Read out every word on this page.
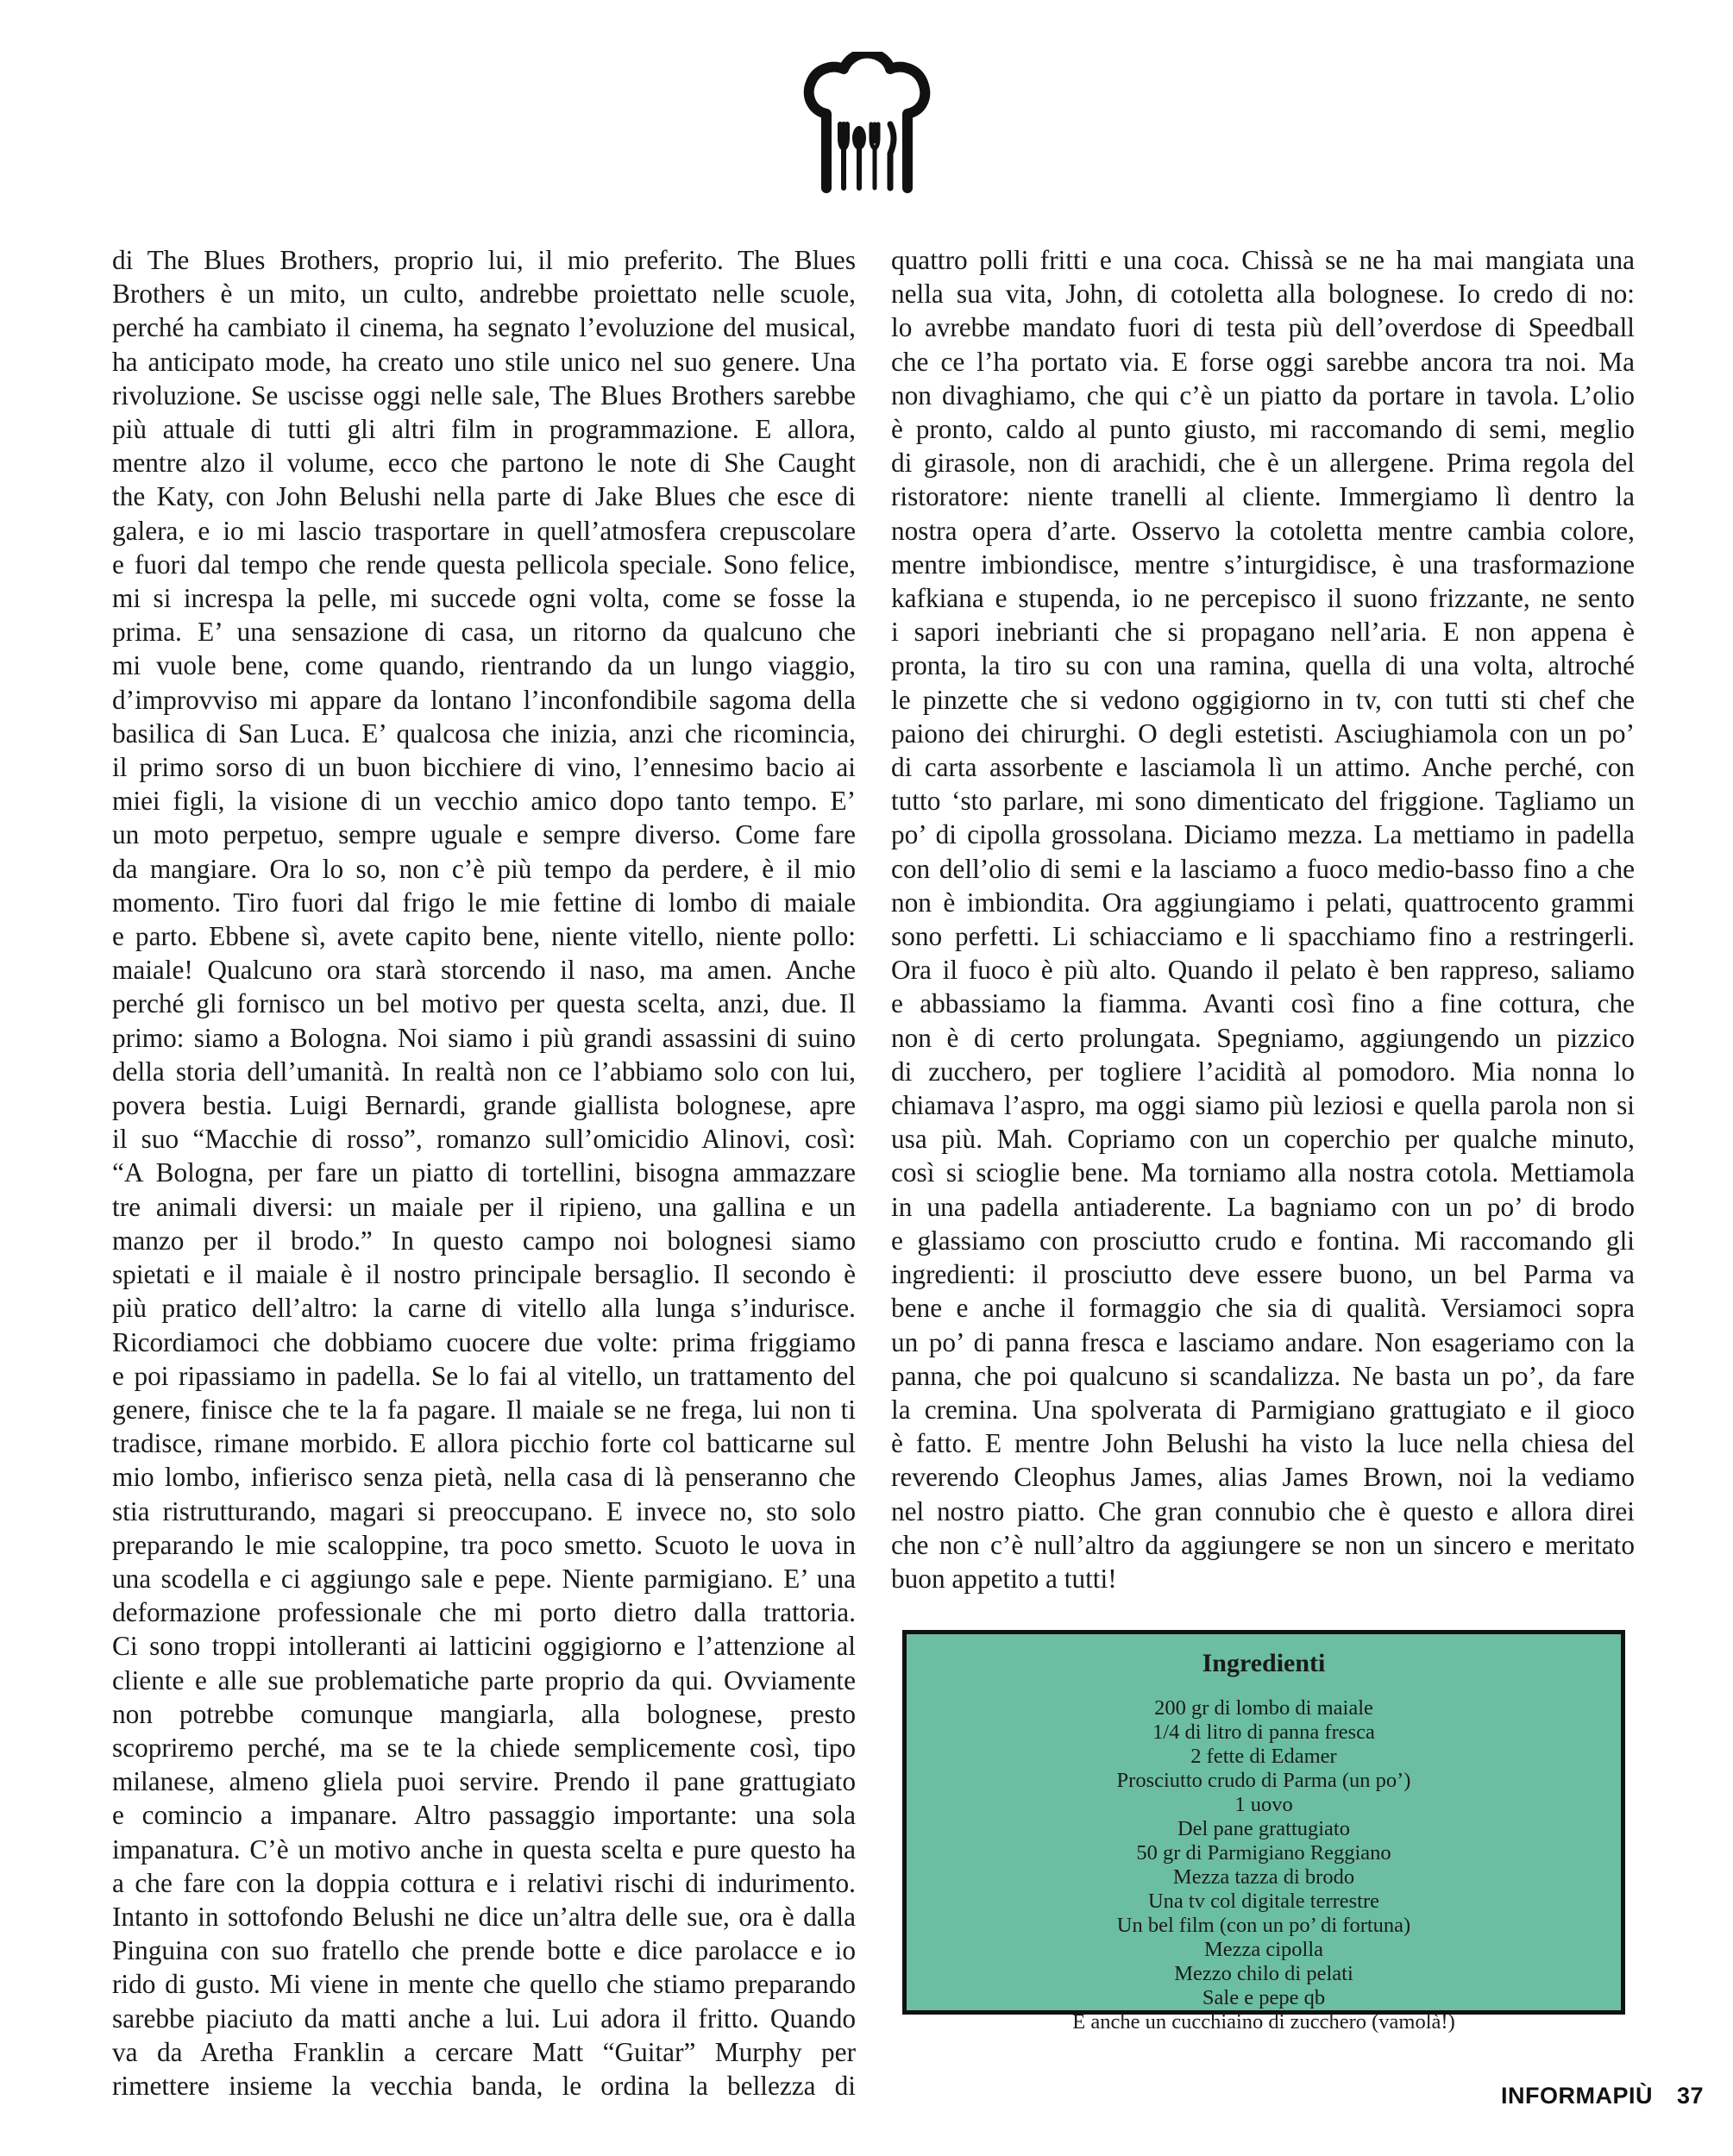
di The Blues Brothers, proprio lui, il mio preferito. The Blues

Brothers è un mito, un culto, andrebbe proiettato nelle scuole,

perché ha cambiato il cinema, ha segnato l’evoluzione del musical,

ha anticipato mode, ha creato uno stile unico nel suo genere. Una

rivoluzione. Se uscisse oggi nelle sale, The Blues Brothers sarebbe

più attuale di tutti gli altri film in programmazione. E allora,

mentre alzo il volume, ecco che partono le note di She Caught

the Katy, con John Belushi nella parte di Jake Blues che esce di

galera, e io mi lascio trasportare in quell’atmosfera crepuscolare

e fuori dal tempo che rende questa pellicola speciale. Sono felice,

mi si increspa la pelle, mi succede ogni volta, come se fosse la

prima. E’ una sensazione di casa, un ritorno da qualcuno che

mi vuole bene, come quando, rientrando da un lungo viaggio,

d’improvviso mi appare da lontano l’inconfondibile sagoma della

basilica di San Luca. E’ qualcosa che inizia, anzi che ricomincia,

il primo sorso di un buon bicchiere di vino, l’ennesimo bacio ai

miei figli, la visione di un vecchio amico dopo tanto tempo. E’

un moto perpetuo, sempre uguale e sempre diverso. Come fare

da mangiare. Ora lo so, non c’è più tempo da perdere, è il mio

momento. Tiro fuori dal frigo le mie fettine di lombo di maiale

e parto. Ebbene sì, avete capito bene, niente vitello, niente pollo:

maiale! Qualcuno ora starà storcendo il naso, ma amen. Anche

perché gli fornisco un bel motivo per questa scelta, anzi, due. Il

primo: siamo a Bologna. Noi siamo i più grandi assassini di suino

della storia dell’umanità. In realtà non ce l’abbiamo solo con lui,

povera bestia. Luigi Bernardi, grande giallista bolognese, apre

il suo “Macchie di rosso”, romanzo sull’omicidio Alinovi, così:

“A Bologna, per fare un piatto di tortellini, bisogna ammazzare

tre animali diversi: un maiale per il ripieno, una gallina e un

manzo per il brodo.” In questo campo noi bolognesi siamo

spietati e il maiale è il nostro principale bersaglio. Il secondo è

più pratico dell’altro: la carne di vitello alla lunga s’indurisce.

Ricordiamoci che dobbiamo cuocere due volte: prima friggiamo

e poi ripassiamo in padella. Se lo fai al vitello, un trattamento del

genere, finisce che te la fa pagare. Il maiale se ne frega, lui non ti

tradisce, rimane morbido. E allora picchio forte col batticarne sul

mio lombo, infierisco senza pietà, nella casa di là penseranno che

stia ristrutturando, magari si preoccupano. E invece no, sto solo

preparando le mie scaloppine, tra poco smetto. Scuoto le uova in

una scodella e ci aggiungo sale e pepe. Niente parmigiano. E’ una

deformazione professionale che mi porto dietro dalla trattoria.

Ci sono troppi intolleranti ai latticini oggigiorno e l’attenzione al

cliente e alle sue problematiche parte proprio da qui. Ovviamente

non potrebbe comunque mangiarla, alla bolognese, presto

scopriremo perché, ma se te la chiede semplicemente così, tipo

milanese, almeno gliela puoi servire. Prendo il pane grattugiato

e comincio a impanare. Altro passaggio importante: una sola

impanatura. C’è un motivo anche in questa scelta e pure questo ha

a che fare con la doppia cottura e i relativi rischi di indurimento.

Intanto in sottofondo Belushi ne dice un’altra delle sue, ora è dalla

Pinguina con suo fratello che prende botte e dice parolacce e io

rido di gusto. Mi viene in mente che quello che stiamo preparando

sarebbe piaciuto da matti anche a lui. Lui adora il fritto. Quando

va da Aretha Franklin a cercare Matt “Guitar” Murphy per

rimettere insieme la vecchia banda, le ordina la bellezza di

quattro polli fritti e una coca. Chissà se ne ha mai mangiata una

nella sua vita, John, di cotoletta alla bolognese. Io credo di no:

lo avrebbe mandato fuori di testa più dell’overdose di Speedball

che ce l’ha portato via. E forse oggi sarebbe ancora tra noi. Ma

non divaghiamo, che qui c’è un piatto da portare in tavola. L’olio

è pronto, caldo al punto giusto, mi raccomando di semi, meglio

di girasole, non di arachidi, che è un allergene. Prima regola del

ristoratore: niente tranelli al cliente. Immergiamo lì dentro la

nostra opera d’arte. Osservo la cotoletta mentre cambia colore,

mentre imbiondisce, mentre s’inturgidisce, è una trasformazione

kafkiana e stupenda, io ne percepisco il suono frizzante, ne sento

i sapori inebrianti che si propagano nell’aria. E non appena è

pronta, la tiro su con una ramina, quella di una volta, altroché

le pinzette che si vedono oggigiorno in tv, con tutti sti chef che

paiono dei chirurghi. O degli estetisti. Asciughiamola con un po’

di carta assorbente e lasciamola lì un attimo. Anche perché, con

tutto ‘sto parlare, mi sono dimenticato del friggione. Tagliamo un

po’ di cipolla grossolana. Diciamo mezza. La mettiamo in padella

con dell’olio di semi e la lasciamo a fuoco medio-basso fino a che

non è imbiondita. Ora aggiungiamo i pelati, quattrocento grammi

sono perfetti. Li schiacciamo e li spacchiamo fino a restringerli.

Ora il fuoco è più alto. Quando il pelato è ben rappreso, saliamo

e abbassiamo la fiamma. Avanti così fino a fine cottura, che

non è di certo prolungata. Spegniamo, aggiungendo un pizzico

di zucchero, per togliere l’acidità al pomodoro. Mia nonna lo

chiamava l’aspro, ma oggi siamo più leziosi e quella parola non si

usa più. Mah. Copriamo con un coperchio per qualche minuto,

così si scioglie bene. Ma torniamo alla nostra cotola. Mettiamola

in una padella antiaderente. La bagniamo con un po’ di brodo

e glassiamo con prosciutto crudo e fontina. Mi raccomando gli

ingredienti: il prosciutto deve essere buono, un bel Parma va

bene e anche il formaggio che sia di qualità. Versiamoci sopra

un po’ di panna fresca e lasciamo andare. Non esageriamo con la

panna, che poi qualcuno si scandalizza. Ne basta un po’, da fare

la cremina. Una spolverata di Parmigiano grattugiato e il gioco

è fatto. E mentre John Belushi ha visto la luce nella chiesa del

reverendo Cleophus James, alias James Brown, noi la vediamo

nel nostro piatto. Che gran connubio che è questo e allora direi

che non c’è null’altro da aggiungere se non un sincero e meritato

buon appetito a tutti!

Ingredienti
200 gr di lombo di maiale
1/4 di litro di panna fresca
2 fette di Edamer
Prosciutto crudo di Parma (un po’)
1 uovo
Del pane grattugiato
50 gr di Parmigiano Reggiano
Mezza tazza di brodo
Una tv col digitale terrestre
Un bel film (con un po’ di fortuna)
Mezza cipolla
Mezzo chilo di pelati
Sale e pepe qb
E anche un cucchiaino di zucchero (vamolà!)
INFORMAPIÙ 37
